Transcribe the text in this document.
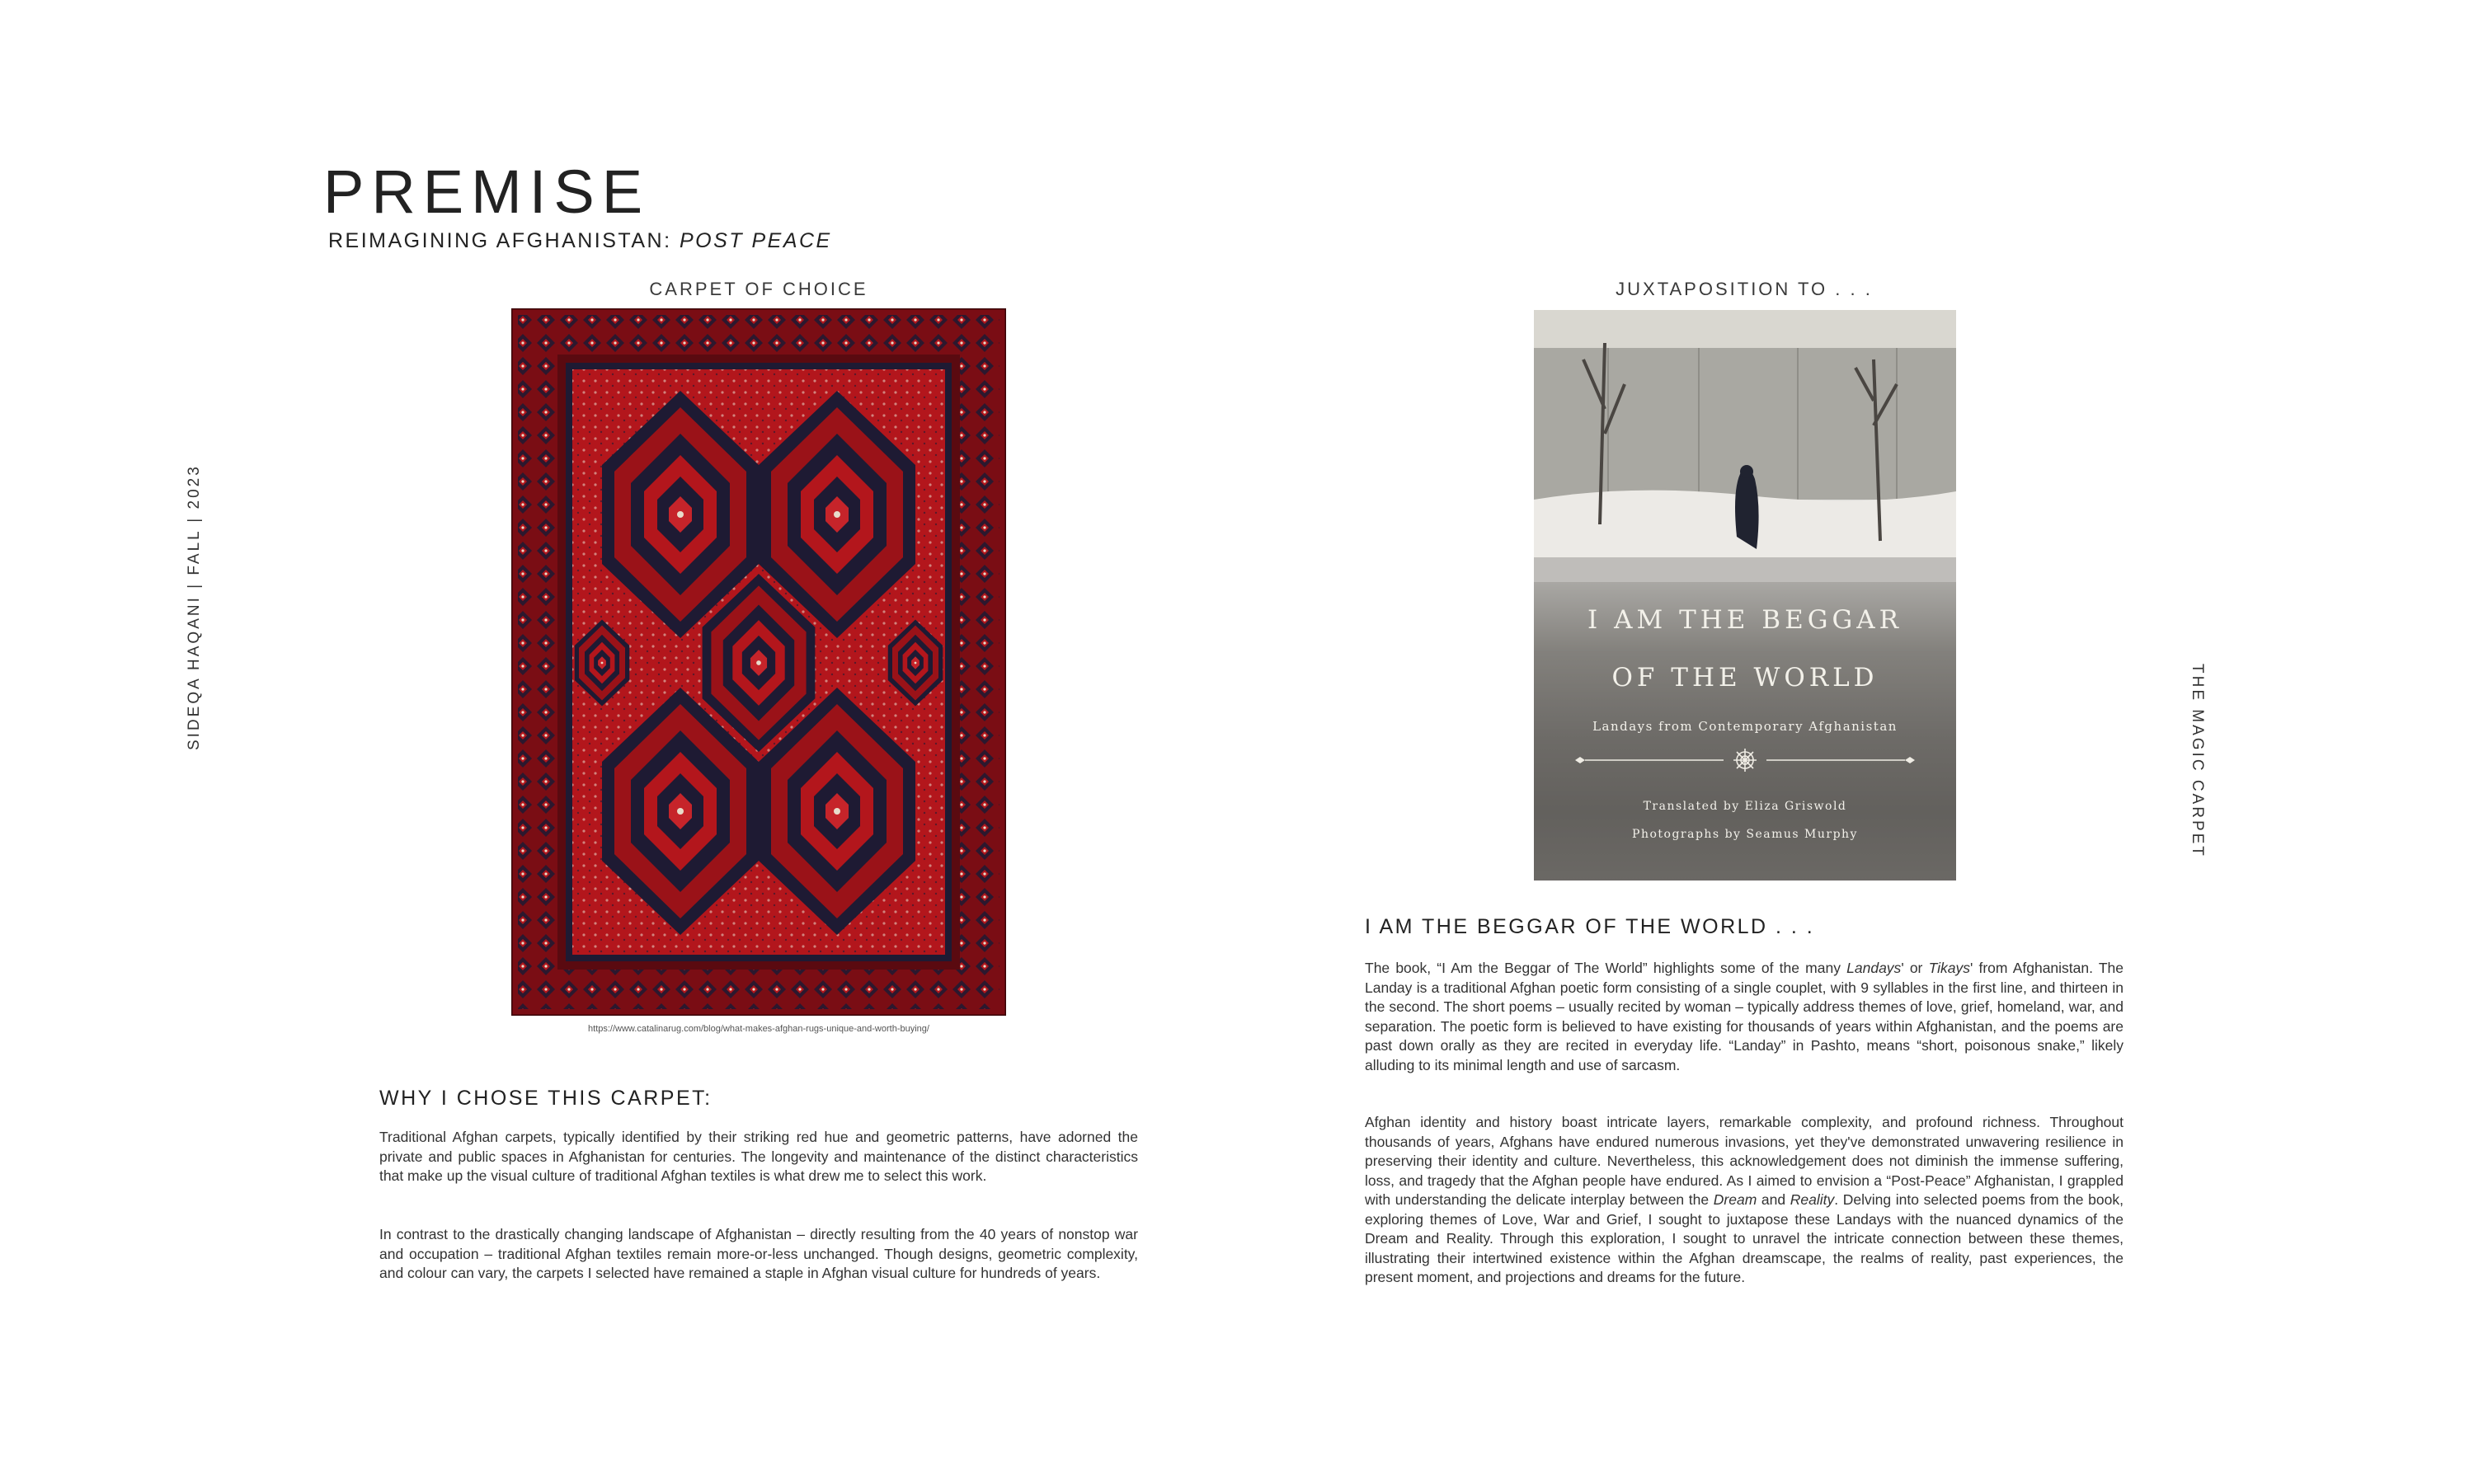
PREMISE
REIMAGINING AFGHANISTAN: POST PEACE
SIDEQA HAQANI | FALL | 2023
THE MAGIC CARPET
CARPET OF CHOICE
https://www.catalinarug.com/blog/what-makes-afghan-rugs-unique-and-worth-buying/
JUXTAPOSITION TO . . .
I AM THE BEGGAR
OF THE WORLD
Landays from Contemporary Afghanistan
Translated by Eliza Griswold
Photographs by Seamus Murphy
WHY I CHOSE THIS CARPET:

Traditional Afghan carpets, typically identified by their striking red hue and geometric patterns, have adorned the private and public spaces in Afghanistan for centuries. The longevity and maintenance of the distinct characteristics that make up the visual culture of traditional Afghan textiles is what drew me to select this work.

In contrast to the drastically changing landscape of Afghanistan – directly resulting from the 40 years of nonstop war and occupation – traditional Afghan textiles remain more-or-less unchanged. Though designs, geometric complexity, and colour can vary, the carpets I selected have remained a staple in Afghan visual culture for hundreds of years.

I AM THE BEGGAR OF THE WORLD . . .

The book, “I Am the Beggar of The World” highlights some of the many Landays' or Tikays' from Afghanistan. The Landay is a traditional Afghan poetic form consisting of a single couplet, with 9 syllables in the first line, and thirteen in the second. The short poems – usually recited by woman – typically address themes of love, grief, homeland, war, and separation. The poetic form is believed to have existing for thousands of years within Afghanistan, and the poems are past down orally as they are recited in everyday life. “Landay” in Pashto, means “short, poisonous snake,” likely alluding to its minimal length and use of sarcasm.

Afghan identity and history boast intricate layers, remarkable complexity, and profound richness. Throughout thousands of years, Afghans have endured numerous invasions, yet they've demonstrated unwavering resilience in preserving their identity and culture. Nevertheless, this acknowledgement does not diminish the immense suffering, loss, and tragedy that the Afghan people have endured. As I aimed to envision a “Post-Peace” Afghanistan, I grappled with understanding the delicate interplay between the Dream and Reality. Delving into selected poems from the book, exploring themes of Love, War and Grief, I sought to juxtapose these Landays with the nuanced dynamics of the Dream and Reality. Through this exploration, I sought to unravel the intricate connection between these themes, illustrating their intertwined existence within the Afghan dreamscape, the realms of reality, past experiences, the present moment, and projections and dreams for the future.
